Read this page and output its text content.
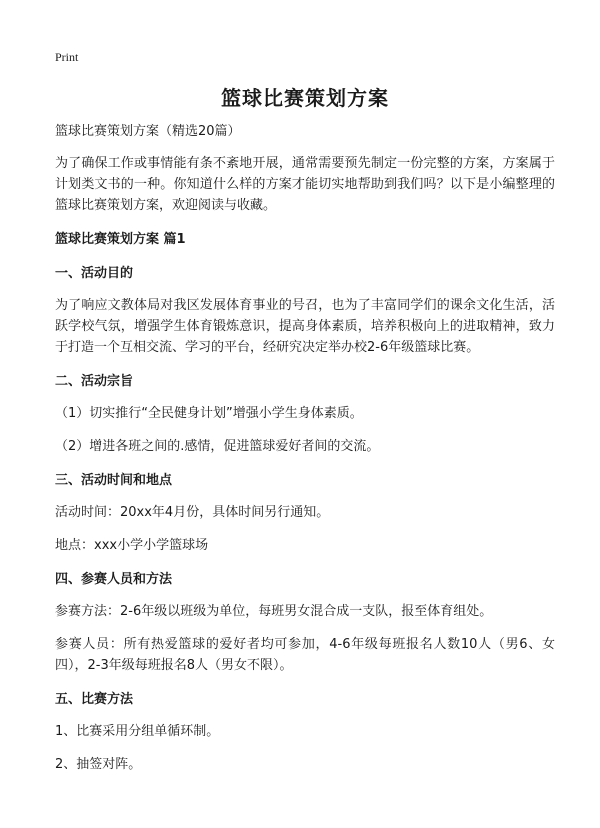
Print
篮球比赛策划方案
篮球比赛策划方案（精选20篇）
为了确保工作或事情能有条不紊地开展，通常需要预先制定一份完整的方案，方案属于计划类文书的一种。你知道什么样的方案才能切实地帮助到我们吗？以下是小编整理的篮球比赛策划方案，欢迎阅读与收藏。
篮球比赛策划方案 篇1
一、活动目的
为了响应文教体局对我区发展体育事业的号召，也为了丰富同学们的课余文化生活，活跃学校气氛，增强学生体育锻炼意识，提高身体素质，培养积极向上的进取精神，致力于打造一个互相交流、学习的平台，经研究决定举办校2-6年级篮球比赛。
二、活动宗旨
（1）切实推行“全民健身计划”增强小学生身体素质。
（2）增进各班之间的.感情，促进篮球爱好者间的交流。
三、活动时间和地点
活动时间：20xx年4月份，具体时间另行通知。
地点：xxx小学小学篮球场
四、参赛人员和方法
参赛方法：2-6年级以班级为单位，每班男女混合成一支队，报至体育组处。
参赛人员：所有热爱篮球的爱好者均可参加，4-6年级每班报名人数10人（男6、女四），2-3年级每班报名8人（男女不限）。
五、比赛方法
1、比赛采用分组单循环制。
2、抽签对阵。
